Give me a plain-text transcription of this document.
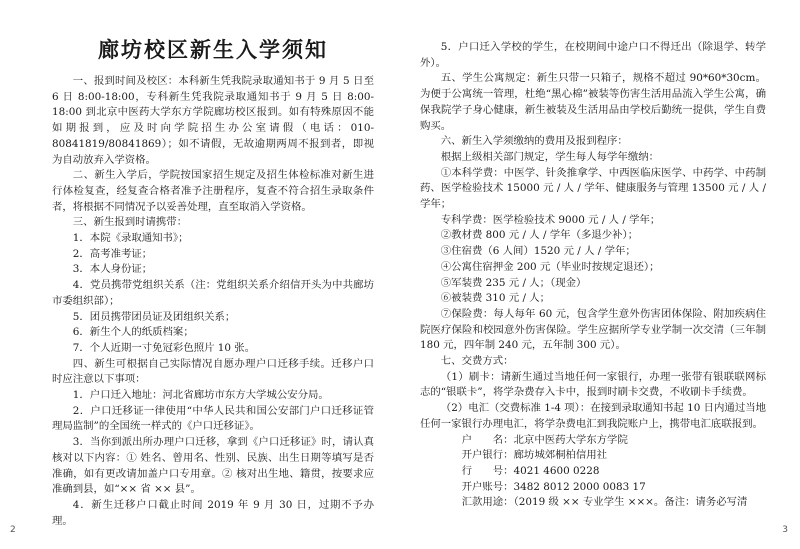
廊坊校区新生入学须知

一、报到时间及校区：本科新生凭我院录取通知书于 9 月 5 日至 6 日 8:00-18:00，专科新生凭我院录取通知书于 9 月 5 日 8:00-18:00 到北京中医药大学东方学院廊坊校区报到。如有特殊原因不能如期报到，应及时向学院招生办公室请假（电话：010-80841819/80841869）；如不请假，无故逾期两周不报到者，即视为自动放弃入学资格。

二、新生入学后，学院按国家招生规定及招生体检标准对新生进行体检复查，经复查合格者准予注册程序，复查不符合招生录取条件者，将根据不同情况予以妥善处理，直至取消入学资格。

三、新生报到时请携带：

1．本院《录取通知书》；

2．高考准考证；

3．本人身份证；

4．党员携带党组织关系（注：党组织关系介绍信开头为中共廊坊市委组织部）；

5．团员携带团员证及团组织关系；

6．新生个人的纸质档案；

7．个人近期一寸免冠彩色照片 10 张。

四、新生可根据自己实际情况自愿办理户口迁移手续。迁移户口时应注意以下事项：

1．户口迁入地址：河北省廊坊市东方大学城公安分局。

2．户口迁移证一律使用“中华人民共和国公安部门户口迁移证管理局监制”的全国统一样式的《户口迁移证》。

3．当你到派出所办理户口迁移，拿到《户口迁移证》时，请认真核对以下内容：① 姓名、曾用名、性别、民族、出生日期等填写是否准确，如有更改请加盖户口专用章。② 核对出生地、籍贯，按要求应准确到县，如“×× 省 ×× 县”。

4．新生迁移户口截止时间 2019 年 9 月 30 日，过期不予办理。

2

5．户口迁入学校的学生，在校期间中途户口不得迁出（除退学、转学外）。

五、学生公寓规定：新生只带一只箱子，规格不超过 90*60*30cm。为便于公寓统一管理，杜绝“黑心棉”被装等伤害生活用品流入学生公寓，确保我院学子身心健康，新生被装及生活用品由学校后勤统一提供，学生自费购买。

六、新生入学须缴纳的费用及报到程序：

根据上级相关部门规定，学生每人每学年缴纳：

①本科学费：中医学、针灸推拿学、中西医临床医学、中药学、中药制药、医学检验技术 15000 元 / 人 / 学年、健康服务与管理 13500 元 / 人 / 学年；

专科学费：医学检验技术 9000 元 / 人 / 学年；

②教材费 800 元 / 人 / 学年（多退少补）；

③住宿费（6 人间）1520 元 / 人 / 学年；

④公寓住宿押金 200 元（毕业时按规定退还）；

⑤军装费 235 元 / 人；（现金）

⑥被装费 310 元 / 人；

⑦保险费：每人每年 60 元，包含学生意外伤害团体保险、附加疾病住院医疗保险和校园意外伤害保险。学生应据所学专业学制一次交清（三年制 180 元，四年制 240 元，五年制 300 元）。

七、交费方式：

（1）刷卡：请新生通过当地任何一家银行，办理一张带有银联联网标志的“银联卡”，将学杂费存入卡中，报到时刷卡交费，不收刷卡手续费。

（2）电汇（交费标准 1-4 项）：在接到录取通知书起 10 日内通过当地任何一家银行办理电汇，将学杂费电汇到我院账户上，携带电汇底联报到。

户　　名：北京中医药大学东方学院

开户银行：廊坊城郊桐柏信用社

行　　号：4021 4600 0228

开户账号：3482 8012 2000 0083 17

汇款用途：（2019 级 ×× 专业学生 ×××。备注：请务必写清

3
